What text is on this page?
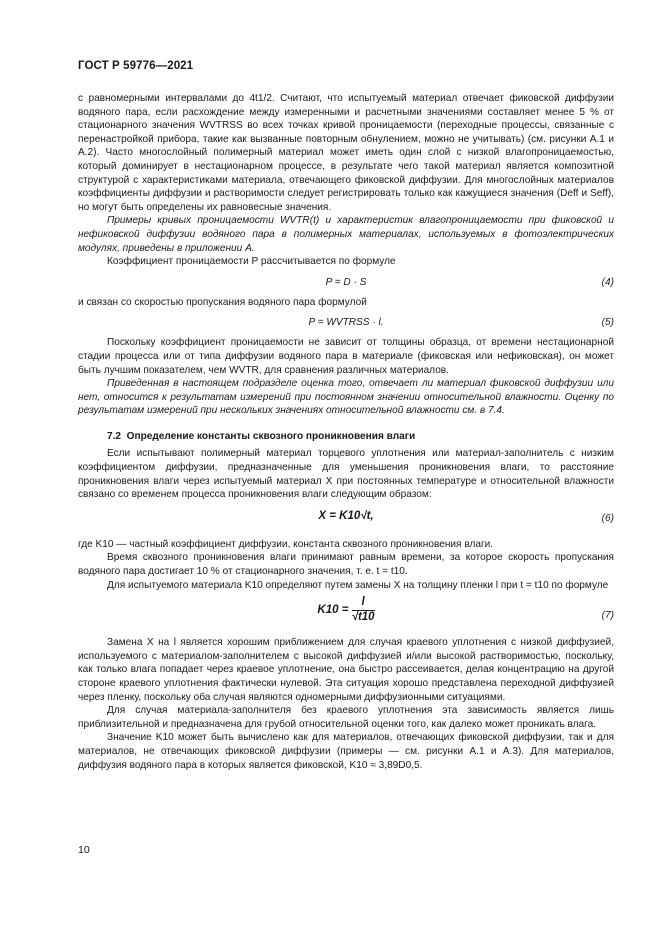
ГОСТ Р 59776—2021

с равномерными интервалами до 4t1/2. Считают, что испытуемый материал отвечает фиковской диффузии водяного пара, если расхождение между измеренными и расчетными значениями составляет менее 5 % от стационарного значения WVTRSS во всех точках кривой проницаемости (переходные процессы, связанные с перенастройкой прибора, такие как вызванные повторным обнулением, можно не учитывать) (см. рисунки А.1 и А.2). Часто многослойный полимерный материал может иметь один слой с низкой влагопроницаемостью, который доминирует в нестационарном процессе, в результате чего такой материал является композитной структурой с характеристиками материала, отвечающего фиковской диффузии. Для многослойных материалов коэффициенты диффузии и растворимости следует регистрировать только как кажущиеся значения (Deff и Seff), но могут быть определены их равновесные значения.

Примеры кривых проницаемости WVTR(t) и характеристик влагопроницаемости при фиковской и нефиковской диффузии водяного пара в полимерных материалах, используемых в фотоэлектрических модулях, приведены в приложении А.

Коэффициент проницаемости P рассчитывается по формуле

P = D · S	(4)

и связан со скоростью пропускания водяного пара формулой

P = WVTRSS · l.	(5)

Поскольку коэффициент проницаемости не зависит от толщины образца, от времени нестационарной стадии процесса или от типа диффузии водяного пара в материале (фиковская или нефиковская), он может быть лучшим показателем, чем WVTR, для сравнения различных материалов.

Приведенная в настоящем подразделе оценка того, отвечает ли материал фиковской диффузии или нет, относится к результатам измерений при постоянном значении относительной влажности. Оценку по результатам измерений при нескольких значениях относительной влажности см. в 7.4.

7.2 Определение константы сквозного проникновения влаги

Если испытывают полимерный материал торцевого уплотнения или материал-заполнитель с низким коэффициентом диффузии, предназначенные для уменьшения проникновения влаги, то расстояние проникновения влаги через испытуемый материал X при постоянных температуре и относительной влажности связано со временем процесса проникновения влаги следующим образом:

X = K10√t,	(6)

где K10 — частный коэффициент диффузии, константа сквозного проникновения влаги.

Время сквозного проникновения влаги принимают равным времени, за которое скорость пропускания водяного пара достигает 10 % от стационарного значения, т. е. t = t10.

Для испытуемого материала K10 определяют путем замены X на толщину пленки l при t = t10 по формуле

$K10 = \frac{l}{√t10}$	(7)

Замена X на l является хорошим приближением для случая краевого уплотнения с низкой диффузией, используемого с материалом-заполнителем с высокой диффузией и/или высокой растворимостью, поскольку, как только влага попадает через краевое уплотнение, она быстро рассеивается, делая концентрацию на другой стороне краевого уплотнения фактически нулевой. Эта ситуация хорошо представлена переходной диффузией через пленку, поскольку оба случая являются одномерными диффузионными ситуациями.

Для случая материала-заполнителя без краевого уплотнения эта зависимость является лишь приблизительной и предназначена для грубой относительной оценки того, как далеко может проникать влага.

Значение K10 может быть вычислено как для материалов, отвечающих фиковской диффузии, так и для материалов, не отвечающих фиковской диффузии (примеры — см. рисунки А.1 и А.3). Для материалов, диффузия водяного пара в которых является фиковской, K10 ≈ 3,89D0,5.

10
